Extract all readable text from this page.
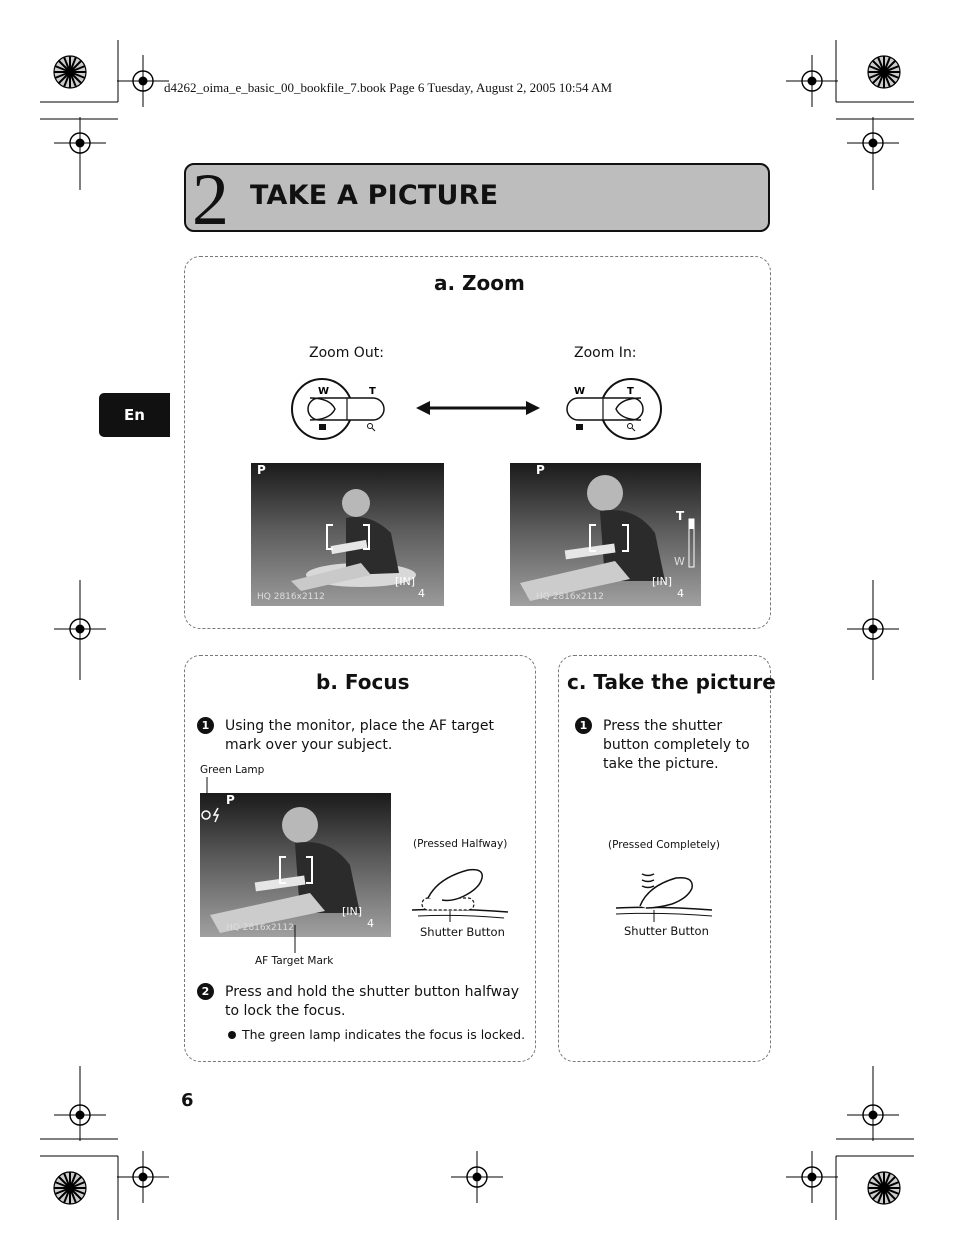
d4262_oima_e_basic_00_bookfile_7.book Page 6 Tuesday, August 2, 2005 10:54 AM
2 TAKE A PICTURE
En
a. Zoom
Zoom Out:	Zoom In:
W	T	W	T
P
[IN]
4
HQ 2816x2112
P
T
W
[IN]
4
HQ 2816x2112
b. Focus
1	Using the monitor, place the AF target mark over your subject.
Green Lamp
P
[IN]
4
HQ 2816x2112
AF Target Mark
(Pressed Halfway)
Shutter Button
2	Press and hold the shutter button halfway to lock the focus.
The green lamp indicates the focus is locked.
c. Take the picture
1	Press the shutter button completely to take the picture.
(Pressed Completely)
Shutter Button
6
